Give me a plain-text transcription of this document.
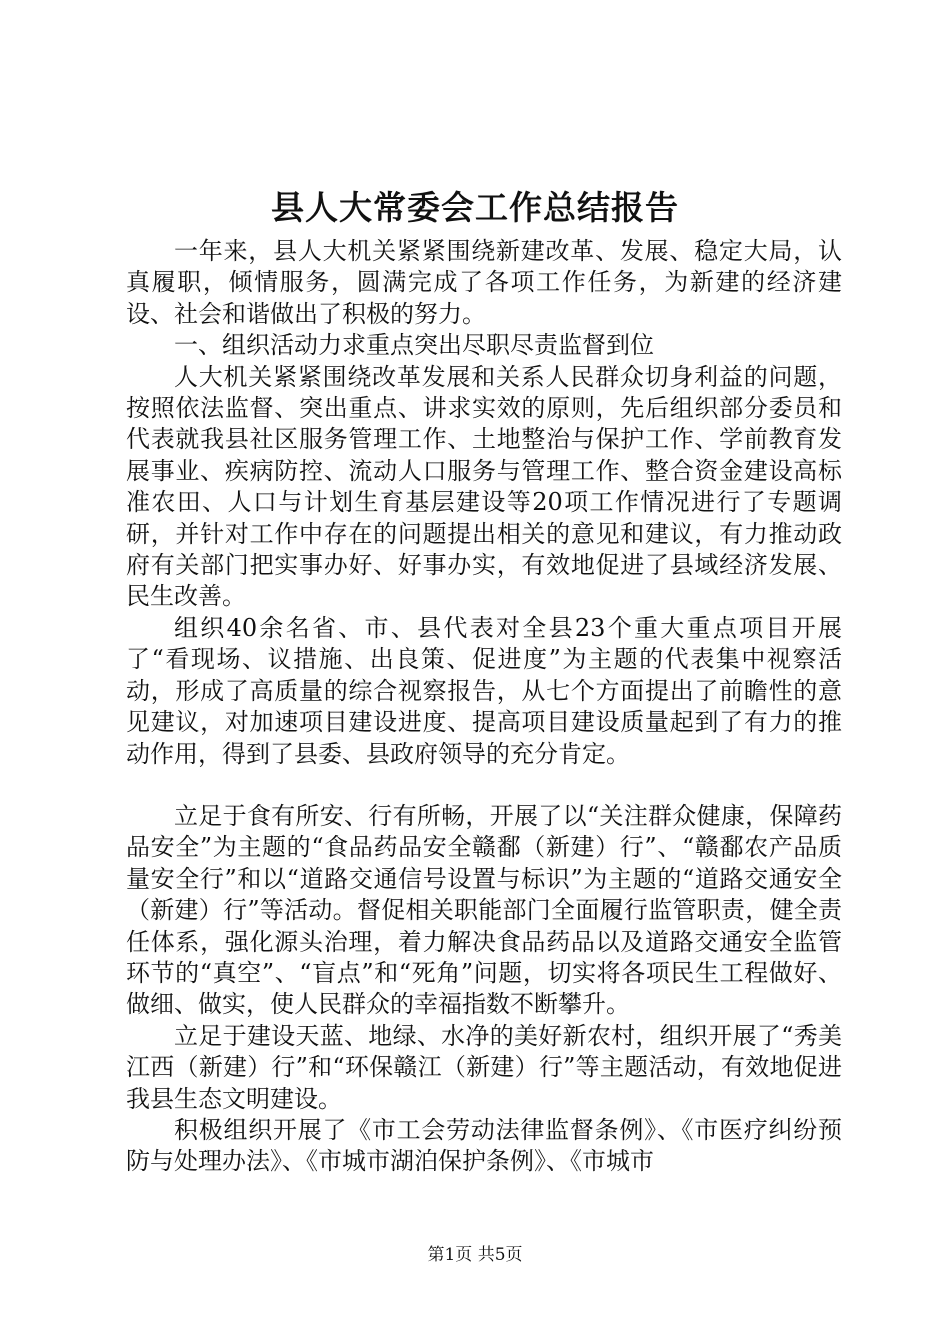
县人大常委会工作总结报告

一年来，县人大机关紧紧围绕新建改革、发展、稳定大局，认真履职，倾情服务，圆满完成了各项工作任务，为新建的经济建设、社会和谐做出了积极的努力。

一、组织活动力求重点突出尽职尽责监督到位

人大机关紧紧围绕改革发展和关系人民群众切身利益的问题，按照依法监督、突出重点、讲求实效的原则，先后组织部分委员和代表就我县社区服务管理工作、土地整治与保护工作、学前教育发展事业、疾病防控、流动人口服务与管理工作、整合资金建设高标准农田、人口与计划生育基层建设等20项工作情况进行了专题调研，并针对工作中存在的问题提出相关的意见和建议，有力推动政府有关部门把实事办好、好事办实，有效地促进了县域经济发展、民生改善。

组织40余名省、市、县代表对全县23个重大重点项目开展了“看现场、议措施、出良策、促进度”为主题的代表集中视察活动，形成了高质量的综合视察报告，从七个方面提出了前瞻性的意见建议，对加速项目建设进度、提高项目建设质量起到了有力的推动作用，得到了县委、县政府领导的充分肯定。

立足于食有所安、行有所畅，开展了以“关注群众健康，保障药品安全”为主题的“食品药品安全赣鄱（新建）行”、“赣鄱农产品质量安全行”和以“道路交通信号设置与标识”为主题的“道路交通安全（新建）行”等活动。督促相关职能部门全面履行监管职责，健全责任体系，强化源头治理，着力解决食品药品以及道路交通安全监管环节的“真空”、“盲点”和“死角”问题，切实将各项民生工程做好、做细、做实，使人民群众的幸福指数不断攀升。

立足于建设天蓝、地绿、水净的美好新农村，组织开展了“秀美江西（新建）行”和“环保赣江（新建）行”等主题活动，有效地促进我县生态文明建设。

积极组织开展了《市工会劳动法律监督条例》、《市医疗纠纷预防与处理办法》、《市城市湖泊保护条例》、《市城市

第1页 共5页
